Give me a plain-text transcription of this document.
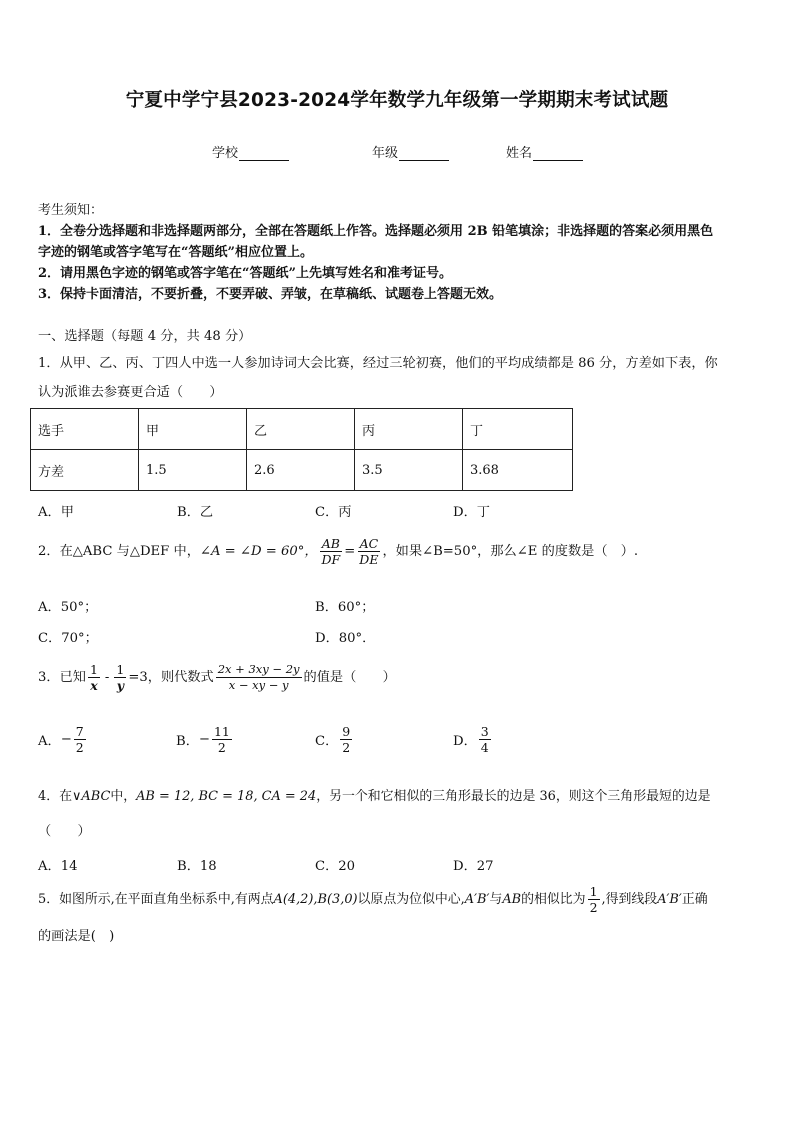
宁夏中学宁县2023-2024学年数学九年级第一学期期末考试试题
学校	年级	姓名
考生须知：
1．全卷分选择题和非选择题两部分，全部在答题纸上作答。选择题必须用 2B 铅笔填涂；非选择题的答案必须用黑色
字迹的钢笔或答字笔写在“答题纸”相应位置上。
2．请用黑色字迹的钢笔或答字笔在“答题纸”上先填写姓名和准考证号。
3．保持卡面清洁，不要折叠，不要弄破、弄皱，在草稿纸、试题卷上答题无效。
一、选择题（每题 4 分，共 48 分）
1．从甲、乙、丙、丁四人中选一人参加诗词大会比赛，经过三轮初赛，他们的平均成绩都是 86 分，方差如下表，你
认为派谁去参赛更合适（　　）
选手	甲	乙	丙	丁
方差	1.5	2.6	3.5	3.68
A．甲	B．乙	C．丙	D．丁
2．在△ABC 与△DEF 中， ∠A = ∠D = 60°， $\frac{AB}{DF} = \frac{AC}{DE}$ ，如果∠B=50°，那么∠E 的度数是（　）.
A．50°；	B．60°；
C．70°；	D．80°．
3．已知 $\frac{1}{x} - \frac{1}{y} =3$，则代数式 $\frac{2x + 3xy - 2y}{x - xy - y}$ 的值是（　　）
A． − $\frac{7}{2}$	B． − $\frac{11}{2}$	C． $\frac{9}{2}$	D． $\frac{3}{4}$
4．在∨ABC中，AB = 12, BC = 18, CA = 24，另一个和它相似的三角形最长的边是 36，则这个三角形最短的边是
（　　）
A．14	B．18	C．20	D．27
5．如图所示,在平面直角坐标系中,有两点 A(4,2),B(3,0) 以原点为位似中心, A′B′ 与 AB 的相似比为 $\frac{1}{2}$ ,得到线段 A′B′ 正确
的画法是(　)
